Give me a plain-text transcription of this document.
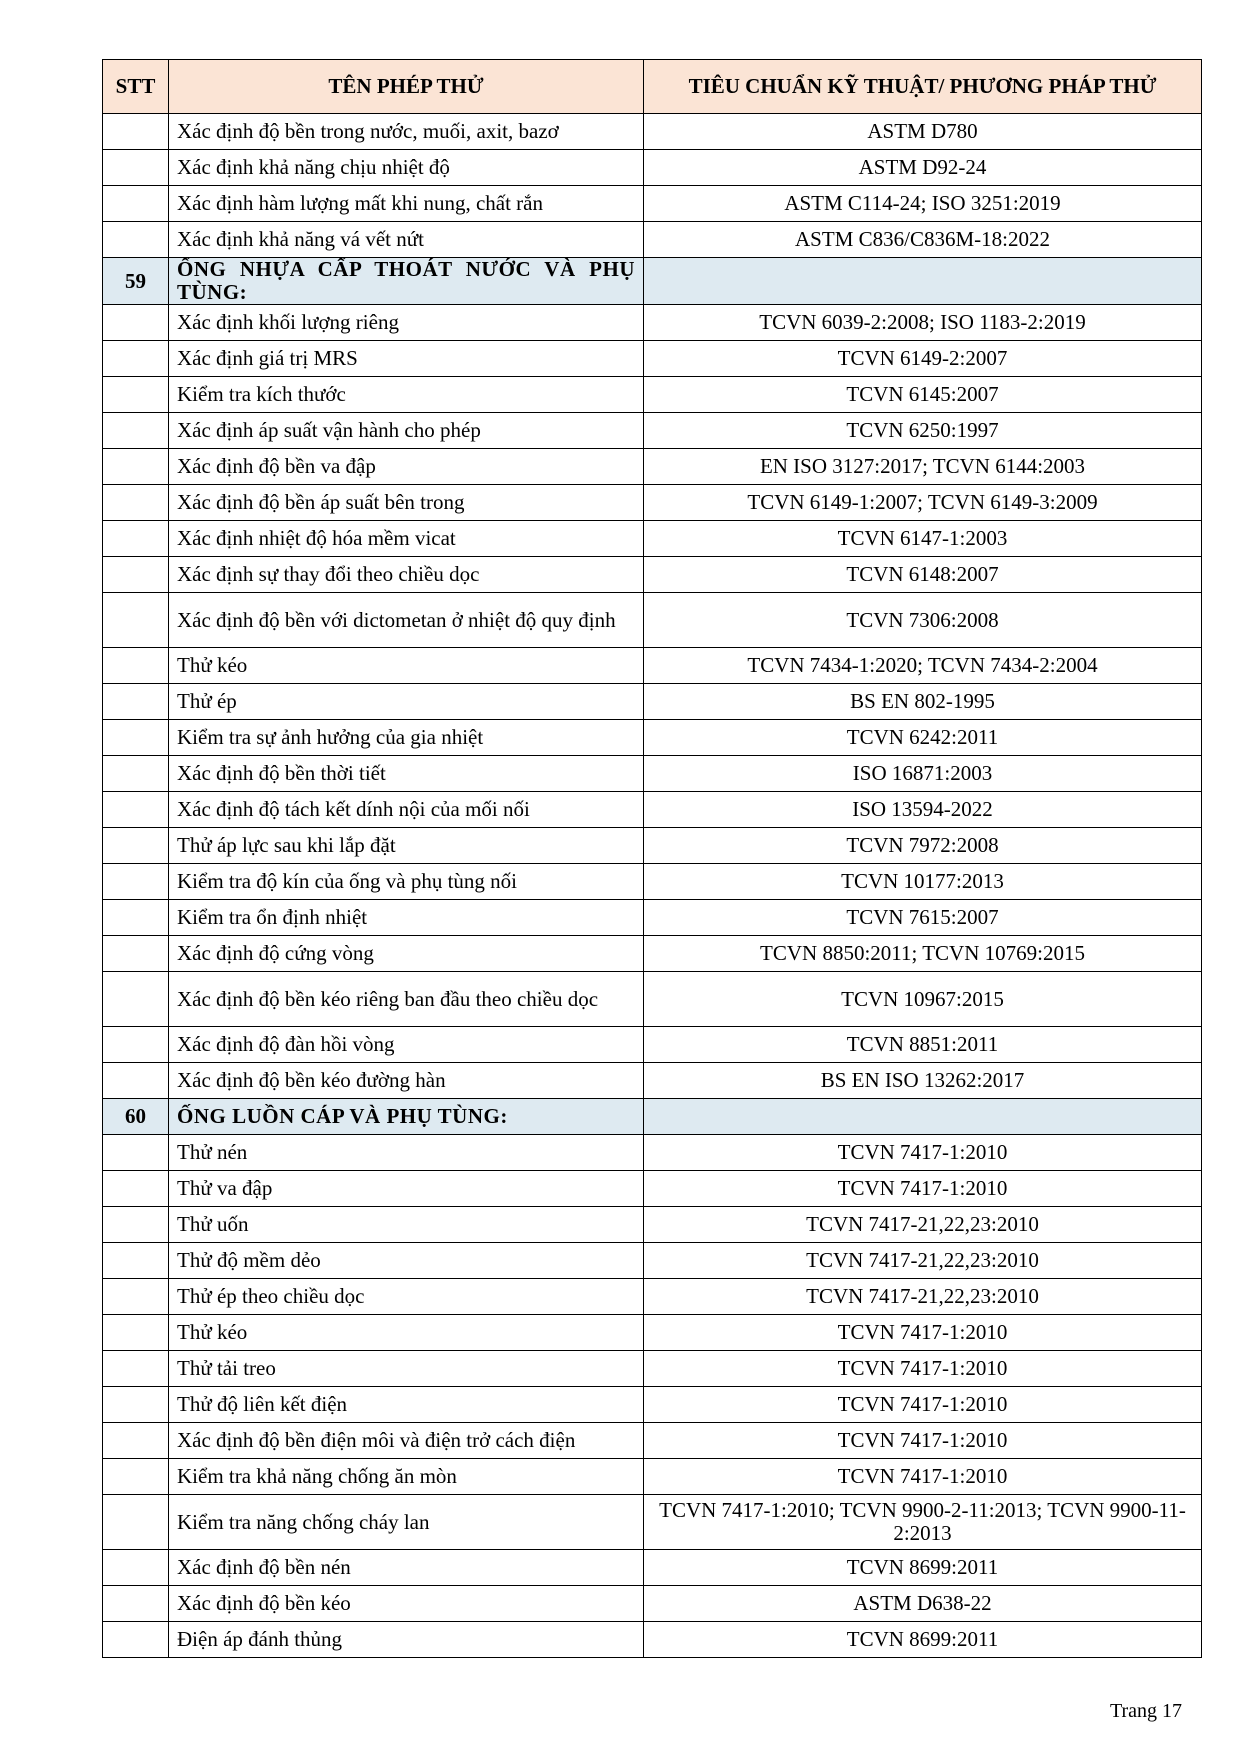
STT	TÊN PHÉP THỬ	TIÊU CHUẨN KỸ THUẬT/ PHƯƠNG PHÁP THỬ
	Xác định độ bền trong nước, muối, axit, bazơ	ASTM D780
	Xác định khả năng chịu nhiệt độ	ASTM D92-24
	Xác định hàm lượng mất khi nung, chất rắn	ASTM C114-24; ISO 3251:2019
	Xác định khả năng vá vết nứt	ASTM C836/C836M-18:2022
59	ỐNG NHỰA CẤP THOÁT NƯỚC VÀ PHỤ TÙNG:	
	Xác định khối lượng riêng	TCVN 6039-2:2008; ISO 1183-2:2019
	Xác định giá trị MRS	TCVN 6149-2:2007
	Kiểm tra kích thước	TCVN 6145:2007
	Xác định áp suất vận hành cho phép	TCVN 6250:1997
	Xác định độ bền va đập	EN ISO 3127:2017; TCVN 6144:2003
	Xác định độ bền áp suất bên trong	TCVN 6149-1:2007; TCVN 6149-3:2009
	Xác định nhiệt độ hóa mềm vicat	TCVN 6147-1:2003
	Xác định sự thay đổi theo chiều dọc	TCVN 6148:2007
	Xác định độ bền với dictometan ở nhiệt độ quy định	TCVN 7306:2008
	Thử kéo	TCVN 7434-1:2020; TCVN 7434-2:2004
	Thử ép	BS EN 802-1995
	Kiểm tra sự ảnh hưởng của gia nhiệt	TCVN 6242:2011
	Xác định độ bền thời tiết	ISO 16871:2003
	Xác định độ tách kết dính nội của mối nối	ISO 13594-2022
	Thử áp lực sau khi lắp đặt	TCVN 7972:2008
	Kiểm tra độ kín của ống và phụ tùng nối	TCVN 10177:2013
	Kiểm tra ổn định nhiệt	TCVN 7615:2007
	Xác định độ cứng vòng	TCVN 8850:2011; TCVN 10769:2015
	Xác định độ bền kéo riêng ban đầu theo chiều dọc	TCVN 10967:2015
	Xác định độ đàn hồi vòng	TCVN 8851:2011
	Xác định độ bền kéo đường hàn	BS EN ISO 13262:2017
60	ỐNG LUỒN CÁP VÀ PHỤ TÙNG:	
	Thử nén	TCVN 7417-1:2010
	Thử va đập	TCVN 7417-1:2010
	Thử uốn	TCVN 7417-21,22,23:2010
	Thử độ mềm dẻo	TCVN 7417-21,22,23:2010
	Thử ép theo chiều dọc	TCVN 7417-21,22,23:2010
	Thử kéo	TCVN 7417-1:2010
	Thử tải treo	TCVN 7417-1:2010
	Thử độ liên kết điện	TCVN 7417-1:2010
	Xác định độ bền điện môi và điện trở cách điện	TCVN 7417-1:2010
	Kiểm tra khả năng chống ăn mòn	TCVN 7417-1:2010
	Kiểm tra năng chống cháy lan	TCVN 7417-1:2010; TCVN 9900-2-11:2013; TCVN 9900-11-2:2013
	Xác định độ bền nén	TCVN 8699:2011
	Xác định độ bền kéo	ASTM D638-22
	Điện áp đánh thủng	TCVN 8699:2011
Trang 17
